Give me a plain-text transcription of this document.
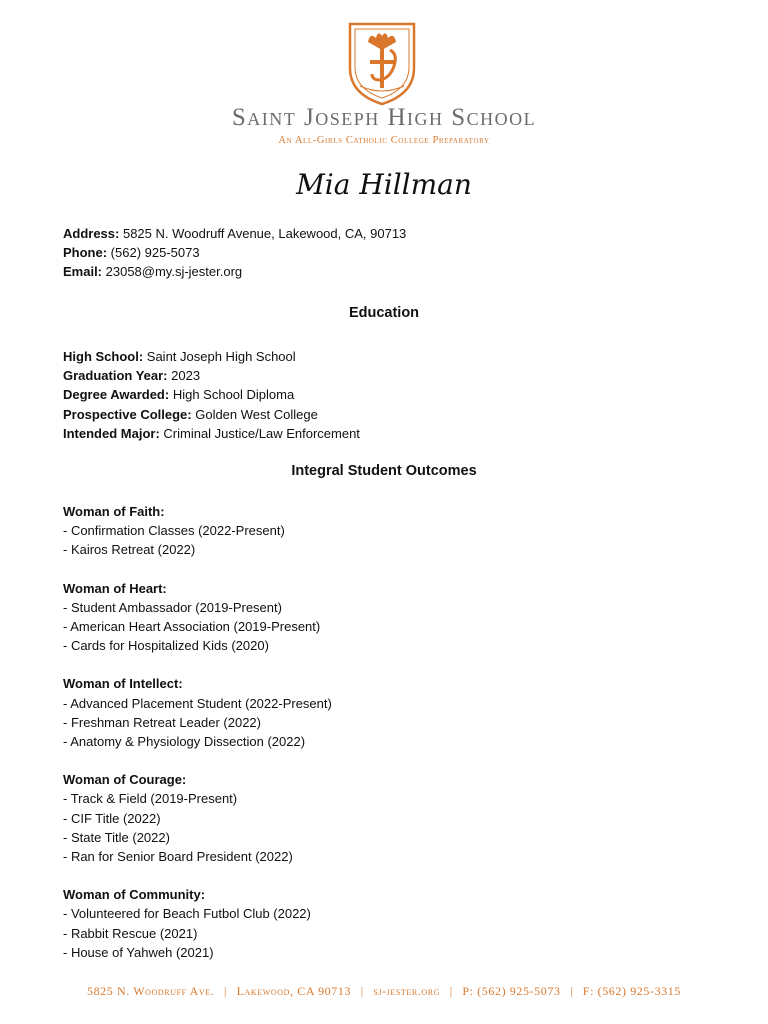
Saint Joseph High School
An All-Girls Catholic College Preparatory
Mia Hillman
Address: 5825 N. Woodruff Avenue, Lakewood, CA, 90713
Phone: (562) 925-5073
Email: 23058@my.sj-jester.org
Education
High School: Saint Joseph High School
Graduation Year: 2023
Degree Awarded: High School Diploma
Prospective College: Golden West College
Intended Major: Criminal Justice/Law Enforcement
Integral Student Outcomes
Woman of Faith:
- Confirmation Classes (2022-Present)
- Kairos Retreat (2022)
Woman of Heart:
- Student Ambassador (2019-Present)
- American Heart Association (2019-Present)
- Cards for Hospitalized Kids (2020)
Woman of Intellect:
- Advanced Placement Student (2022-Present)
- Freshman Retreat Leader (2022)
- Anatomy & Physiology Dissection (2022)
Woman of Courage:
- Track & Field (2019-Present)
- CIF Title (2022)
- State Title (2022)
- Ran for Senior Board President (2022)
Woman of Community:
- Volunteered for Beach Futbol Club (2022)
- Rabbit Rescue (2021)
- House of Yahweh (2021)
5825 N. Woodruff Ave. | Lakewood, CA 90713 | sj-jester.org | P: (562) 925-5073 | F: (562) 925-3315
